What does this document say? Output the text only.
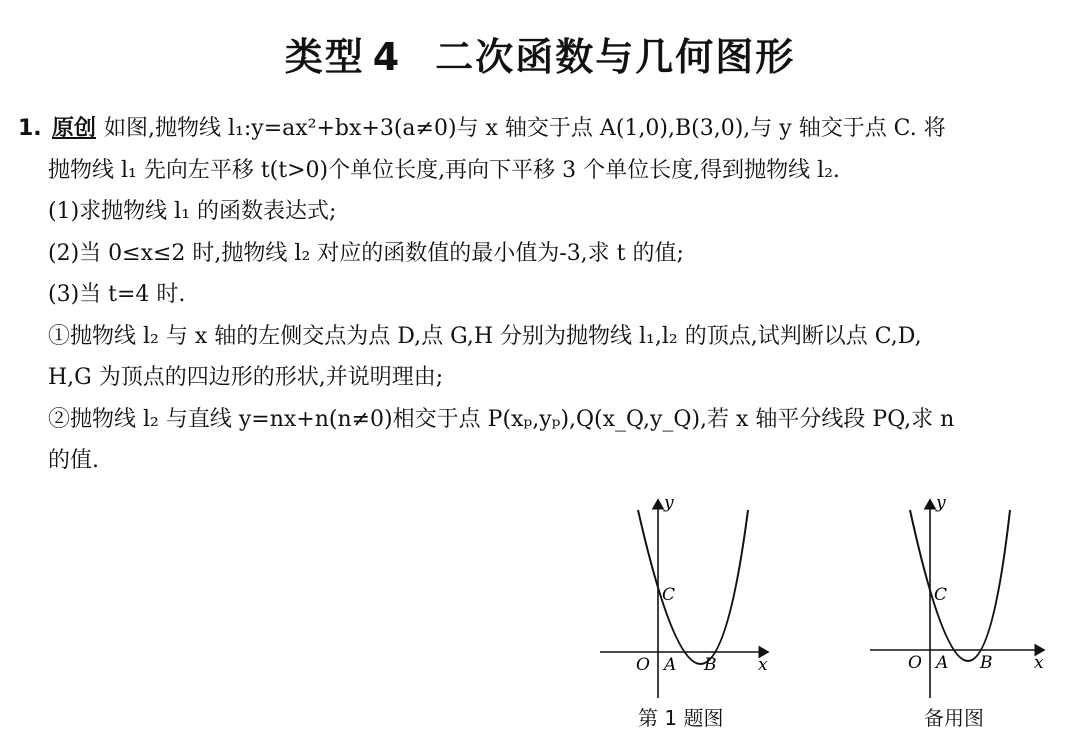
类型 4 二次函数与几何图形
1. 原创 如图,抛物线 l₁:y=ax²+bx+3(a≠0)与 x 轴交于点 A(1,0),B(3,0),与 y 轴交于点 C. 将
抛物线 l₁ 先向左平移 t(t>0)个单位长度,再向下平移 3 个单位长度,得到抛物线 l₂.
(1)求抛物线 l₁ 的函数表达式;
(2)当 0≤x≤2 时,抛物线 l₂ 对应的函数值的最小值为-3,求 t 的值;
(3)当 t=4 时.
①抛物线 l₂ 与 x 轴的左侧交点为点 D,点 G,H 分别为抛物线 l₁,l₂ 的顶点,试判断以点 C,D,
H,G 为顶点的四边形的形状,并说明理由;
②抛物线 l₂ 与直线 y=nx+n(n≠0)相交于点 P(xₚ,yₚ),Q(x_Q,y_Q),若 x 轴平分线段 PQ,求 n
的值.
y
x
O A B
C
第 1 题图
y
x
O A B
C
备用图
